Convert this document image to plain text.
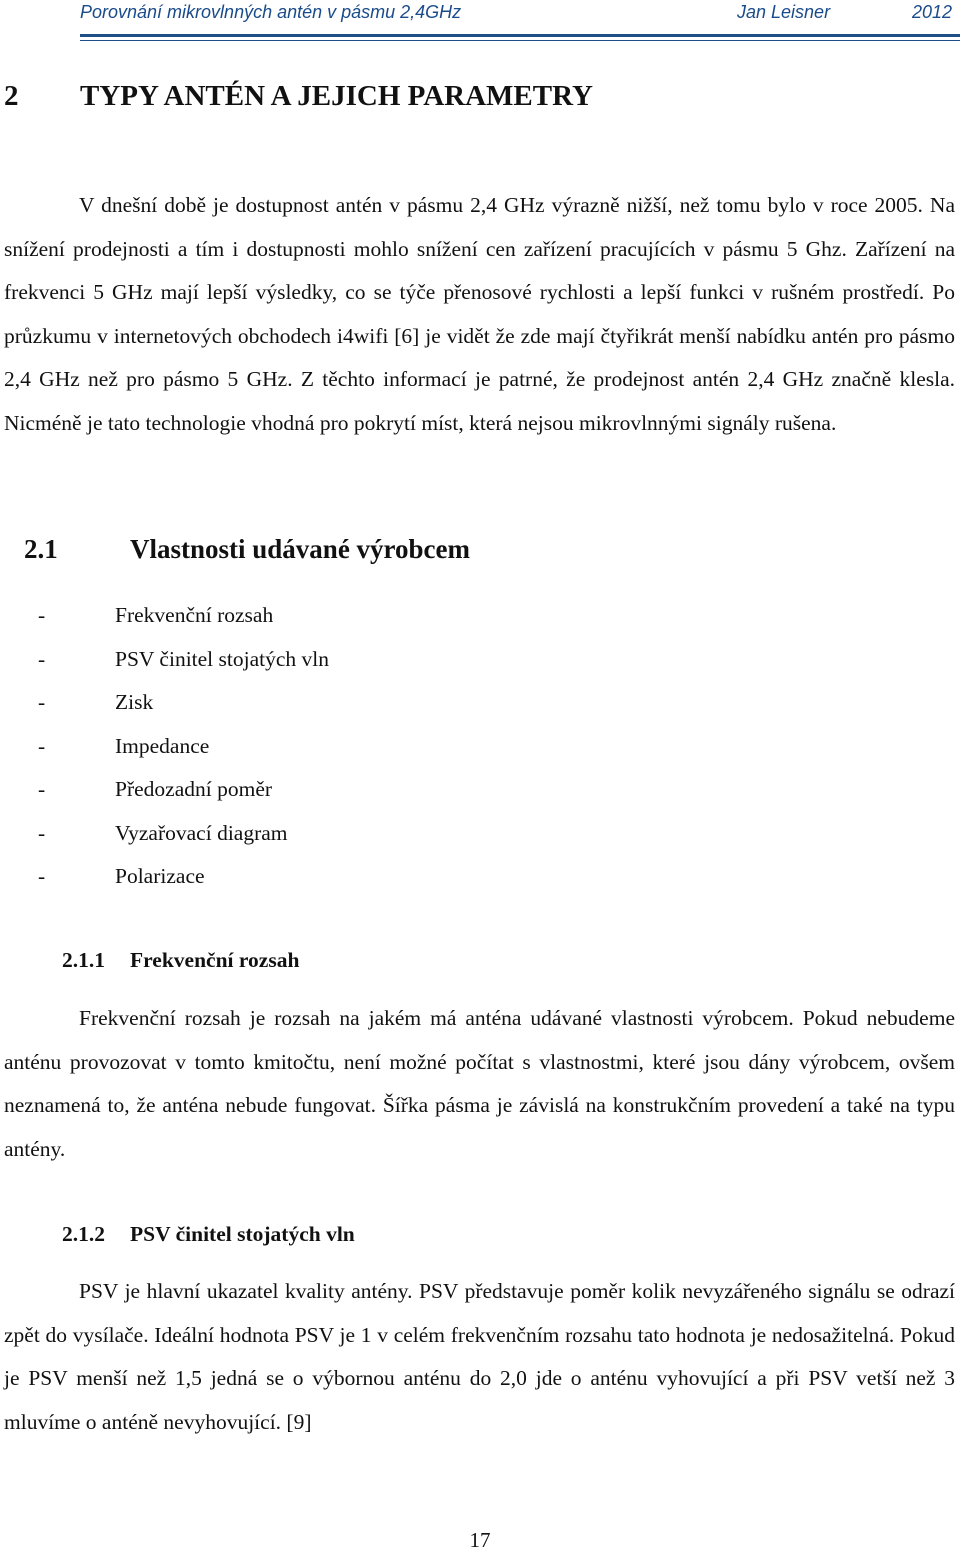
Porovnání mikrovlnných antén v pásmu 2,4GHz	Jan Leisner	2012
2 TYPY ANTÉN A JEJICH PARAMETRY

V dnešní době je dostupnost antén v pásmu 2,4 GHz výrazně nižší, než tomu bylo v roce 2005. Na snížení prodejnosti a tím i dostupnosti mohlo snížení cen zařízení pracujících v pásmu 5 Ghz. Zařízení na frekvenci 5 GHz mají lepší výsledky, co se týče přenosové rychlosti a lepší funkci v rušném prostředí. Po průzkumu v internetových obchodech i4wifi [6] je vidět že zde mají čtyřikrát menší nabídku antén pro pásmo 2,4 GHz než pro pásmo 5 GHz. Z těchto informací je patrné, že prodejnost antén 2,4 GHz značně klesla. Nicméně je tato technologie vhodná pro pokrytí míst, která nejsou mikrovlnnými signály rušena.

2.1	Vlastnosti udávané výrobcem
-	Frekvenční rozsah
-	PSV činitel stojatých vln
-	Zisk
-	Impedance
-	Předozadní poměr
-	Vyzařovací diagram
-	Polarizace
2.1.1 Frekvenční rozsah

Frekvenční rozsah je rozsah na jakém má anténa udávané vlastnosti výrobcem. Pokud nebudeme anténu provozovat v tomto kmitočtu, není možné počítat s vlastnostmi, které jsou dány výrobcem, ovšem neznamená to, že anténa nebude fungovat. Šířka pásma je závislá na konstrukčním provedení a také na typu antény.

2.1.2 PSV činitel stojatých vln

PSV je hlavní ukazatel kvality antény. PSV představuje poměr kolik nevyzářeného signálu se odrazí zpět do vysílače. Ideální hodnota PSV je 1 v celém frekvenčním rozsahu tato hodnota je nedosažitelná. Pokud je PSV menší než 1,5 jedná se o výbornou anténu do 2,0 jde o anténu vyhovující a při PSV vetší než 3 mluvíme o anténě nevyhovující. [9]

17
